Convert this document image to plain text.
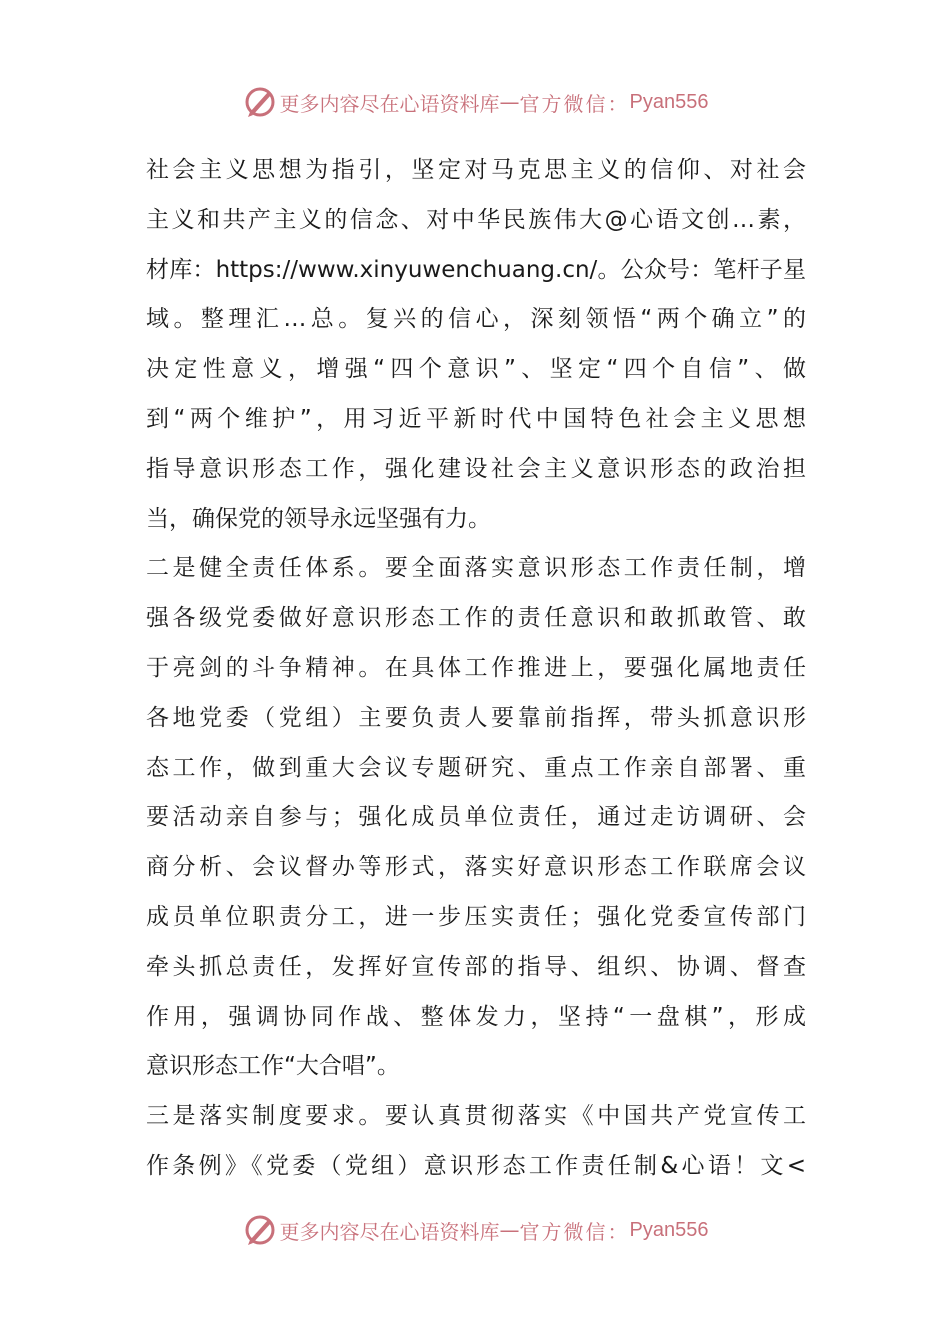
更多内容尽在心语资料库 — 官方微信： Pyan556
社会主义思想为指引，坚定对马克思主义的信仰、对社会
主义和共产主义的信念、对中华民族伟大@心语文创…素，
材库：https://www.xinyuwenchuang.cn/。公众号：笔杆子星
域。整理汇…总。复兴的信心，深刻领悟“两个确立”的
决定性意义，增强“四个意识”、坚定“四个自信”、做
到“两个维护”，用习近平新时代中国特色社会主义思想
指导意识形态工作，强化建设社会主义意识形态的政治担
当，确保党的领导永远坚强有力。
二是健全责任体系。要全面落实意识形态工作责任制，增
强各级党委做好意识形态工作的责任意识和敢抓敢管、敢
于亮剑的斗争精神。在具体工作推进上，要强化属地责任
各地党委（党组）主要负责人要靠前指挥，带头抓意识形
态工作，做到重大会议专题研究、重点工作亲自部署、重
要活动亲自参与；强化成员单位责任，通过走访调研、会
商分析、会议督办等形式，落实好意识形态工作联席会议
成员单位职责分工，进一步压实责任；强化党委宣传部门
牵头抓总责任，发挥好宣传部的指导、组织、协调、督查
作用，强调协同作战、整体发力，坚持“一盘棋”，形成
意识形态工作“大合唱”。
三是落实制度要求。要认真贯彻落实《中国共产党宣传工
作条例》《党委（党组）意识形态工作责任制&心语！文<
更多内容尽在心语资料库 — 官方微信： Pyan556
